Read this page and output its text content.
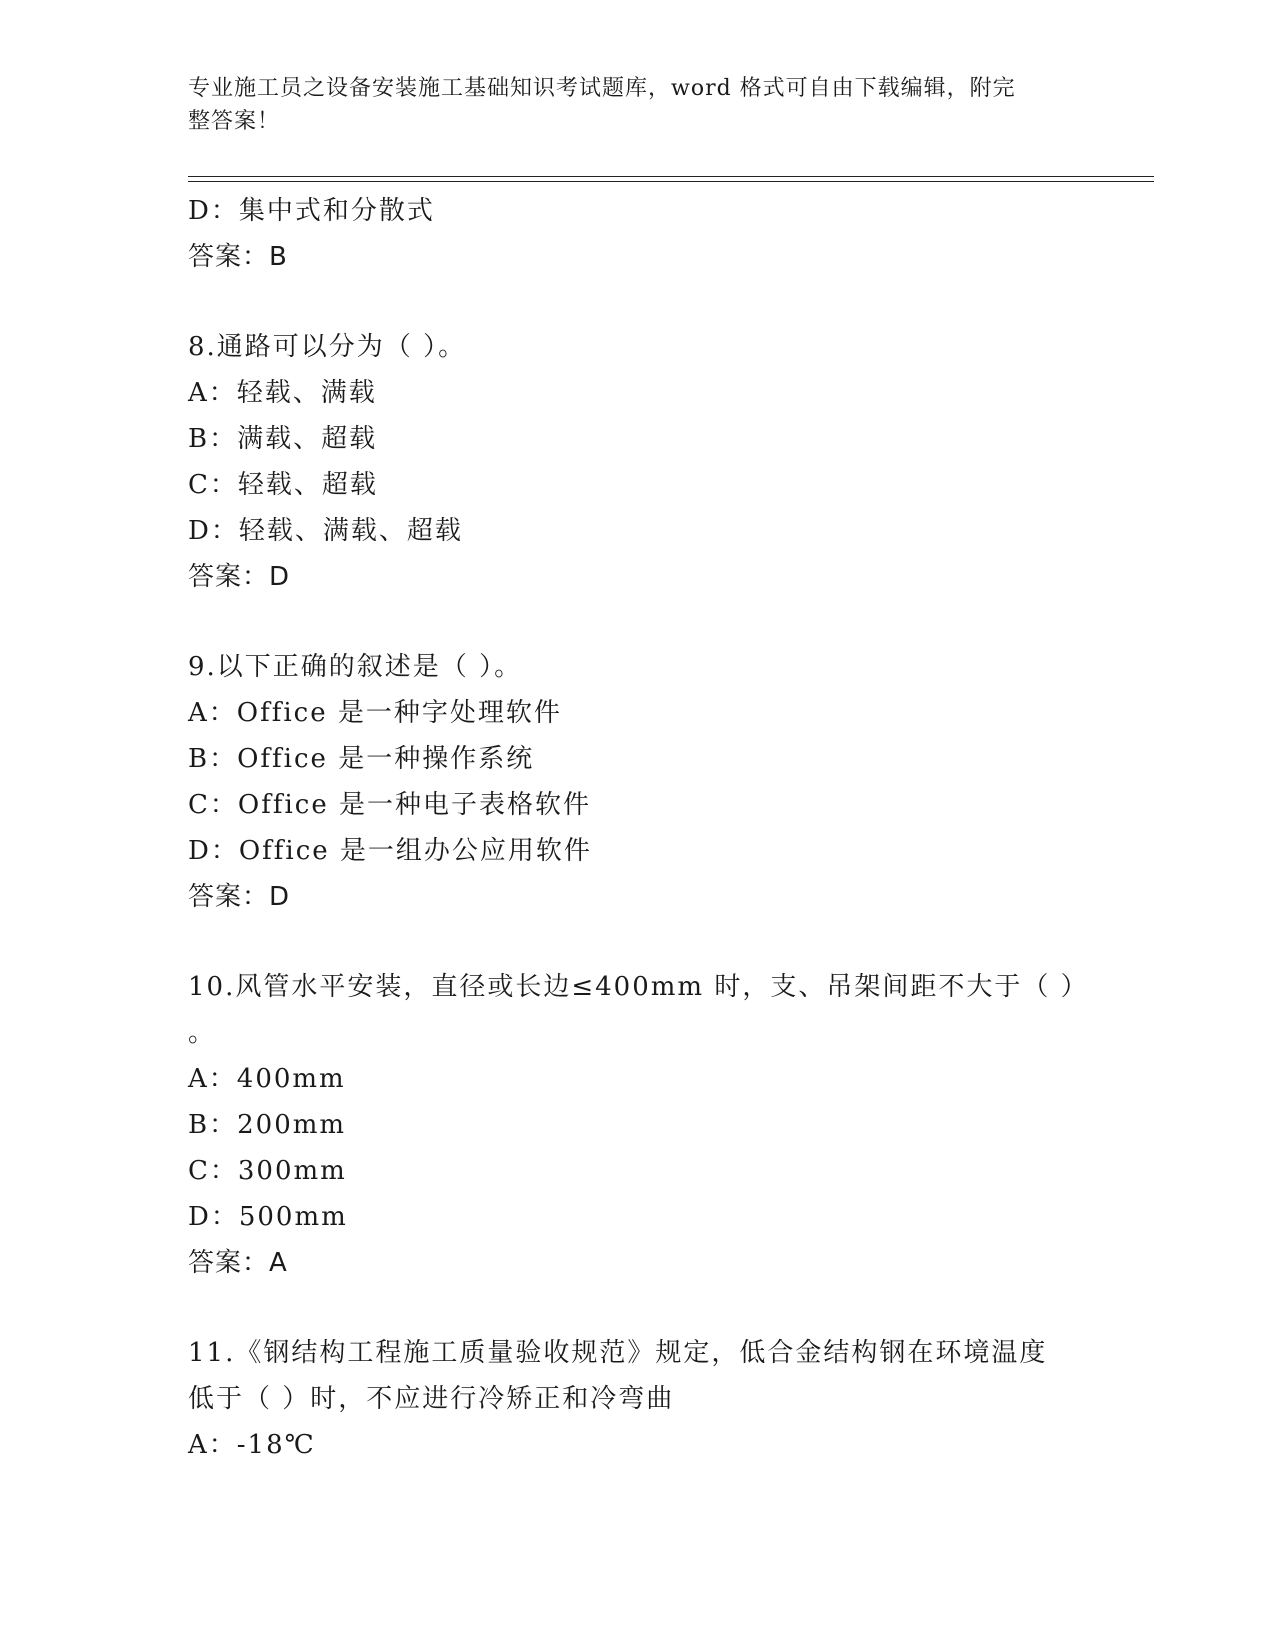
专业施工员之设备安装施工基础知识考试题库，word 格式可自由下载编辑，附完
整答案！
D：集中式和分散式
答案：B
8.通路可以分为（ ）。
A：轻载、满载
B：满载、超载
C：轻载、超载
D：轻载、满载、超载
答案：D
9.以下正确的叙述是（ ）。
A：Office 是一种字处理软件
B：Office 是一种操作系统
C：Office 是一种电子表格软件
D：Office 是一组办公应用软件
答案：D
10.风管水平安装，直径或长边≤400mm 时，支、吊架间距不大于（ ）
。
A：400mm
B：200mm
C：300mm
D：500mm
答案：A
11.《钢结构工程施工质量验收规范》规定，低合金结构钢在环境温度
低于（ ）时，不应进行冷矫正和冷弯曲
A：-18℃
